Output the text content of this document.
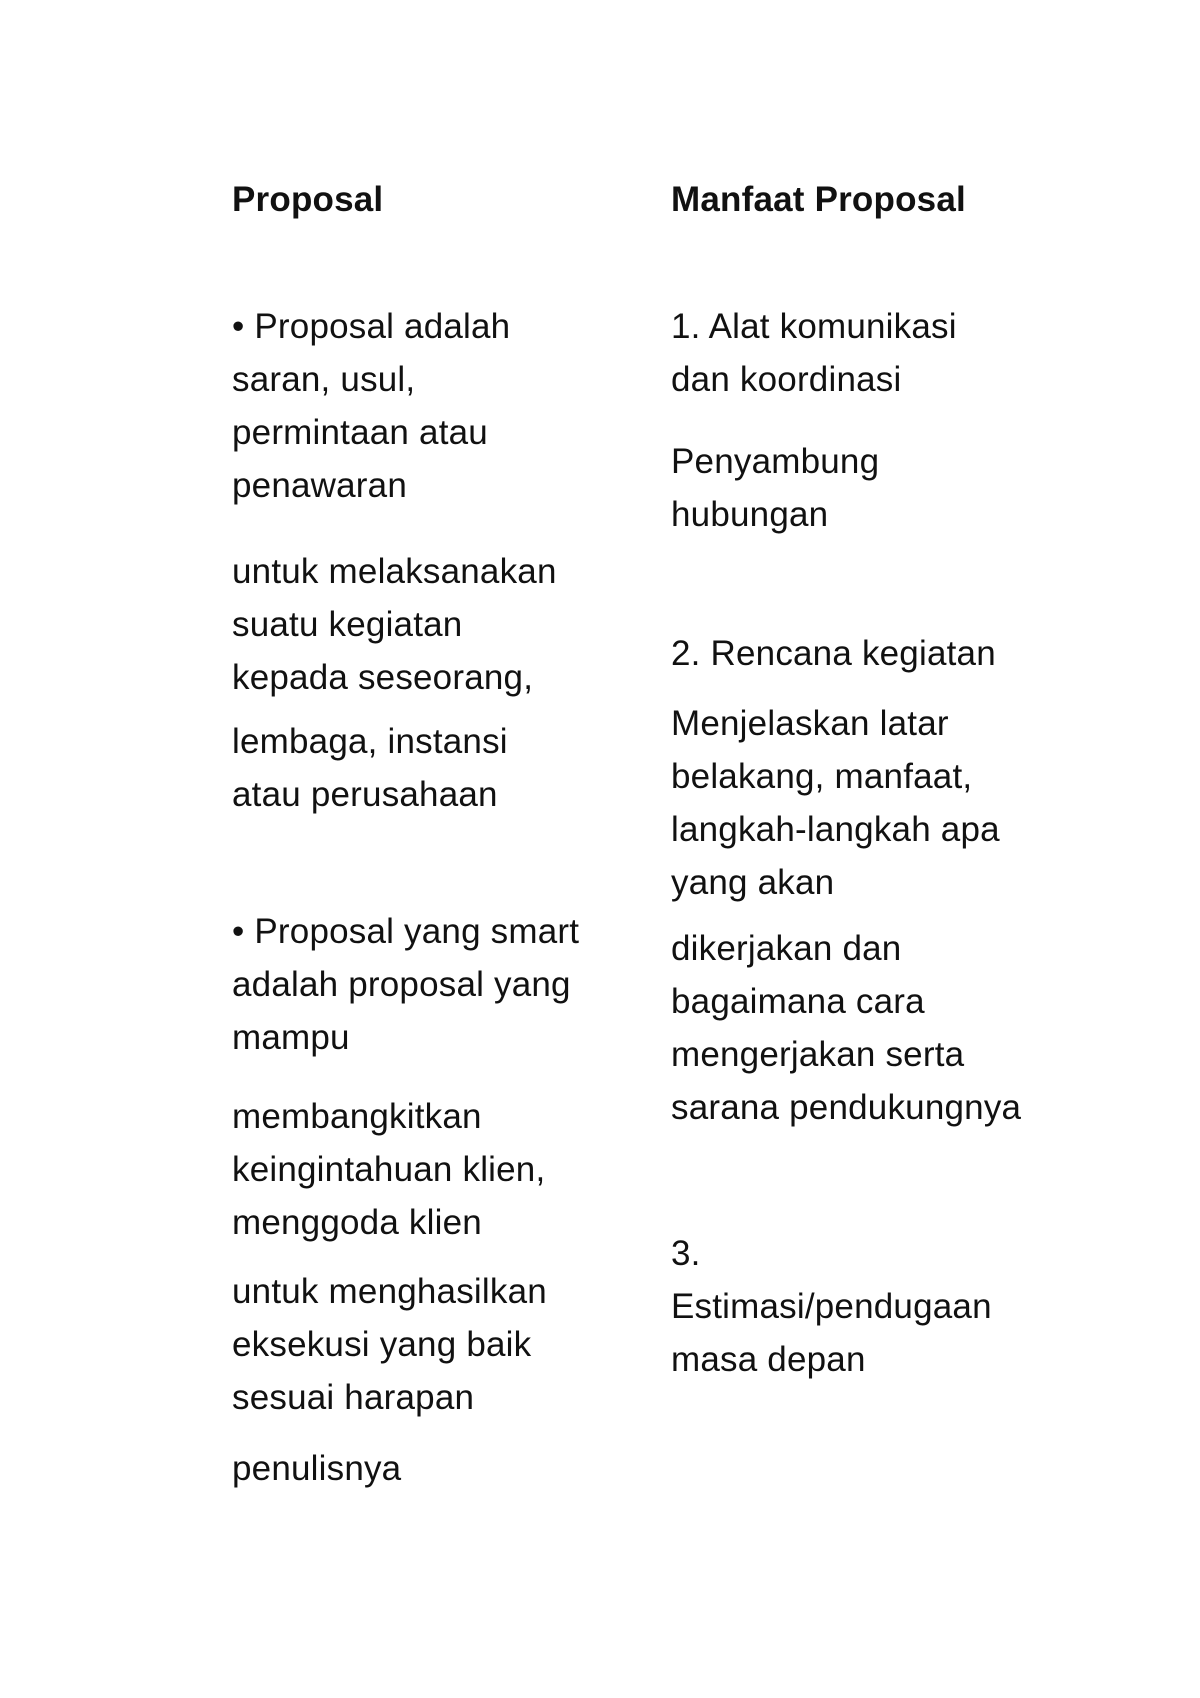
Proposal

• Proposal adalah
saran, usul,
permintaan atau
penawaran

untuk melaksanakan
suatu kegiatan
kepada seseorang,

lembaga, instansi
atau perusahaan

• Proposal yang smart
adalah proposal yang
mampu

membangkitkan
keingintahuan klien,
menggoda klien

untuk menghasilkan
eksekusi yang baik
sesuai harapan

penulisnya

Manfaat Proposal

1. Alat komunikasi
dan koordinasi

Penyambung
hubungan

2. Rencana kegiatan

Menjelaskan latar
belakang, manfaat,
langkah-langkah apa
yang akan

dikerjakan dan
bagaimana cara
mengerjakan serta
sarana pendukungnya

3.
Estimasi/pendugaan
masa depan
